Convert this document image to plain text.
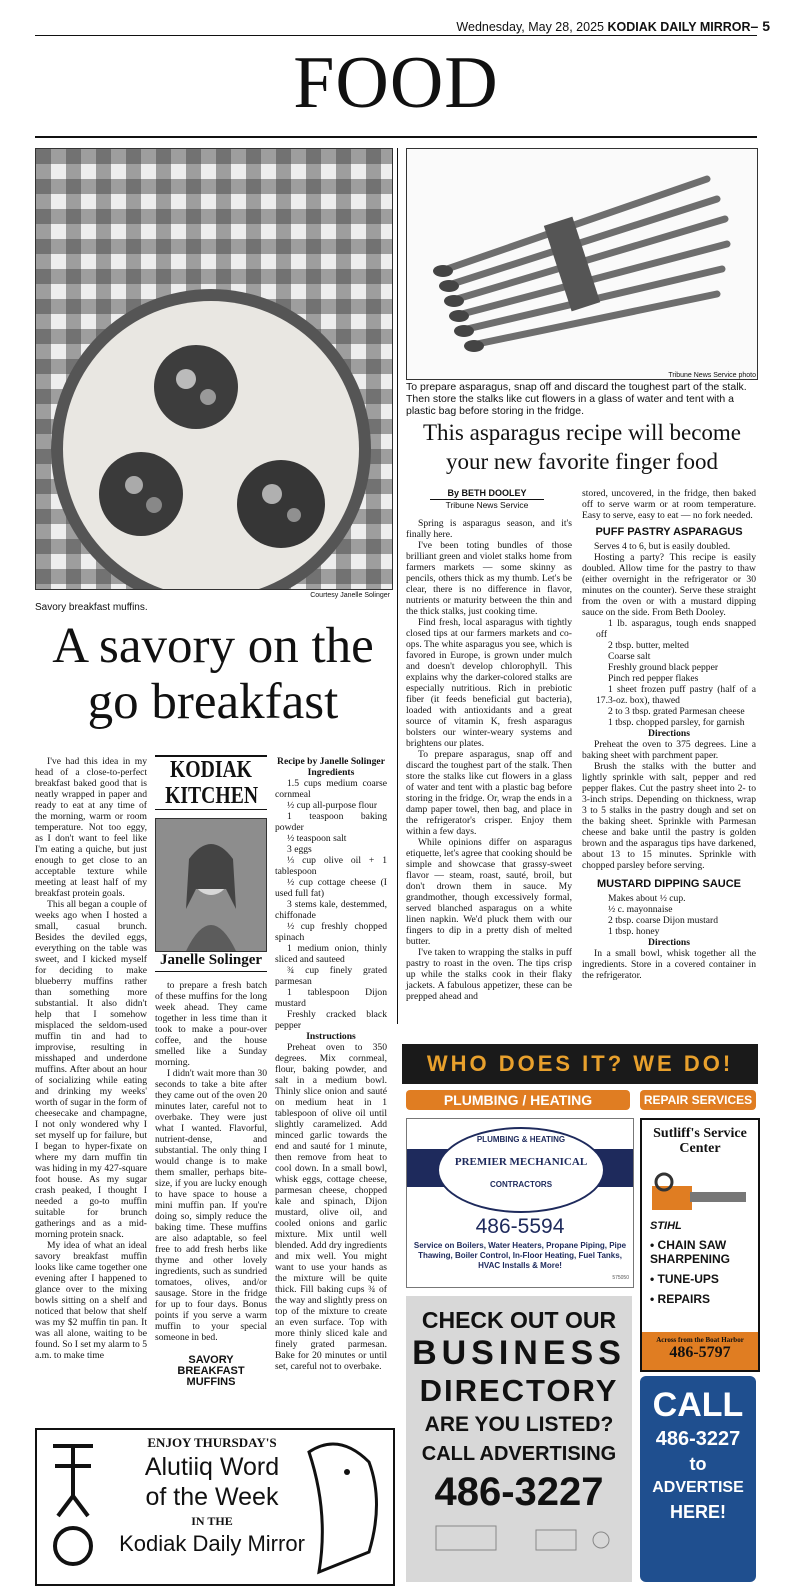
Wednesday, May 28, 2025 KODIAK DAILY MIRROR– 5
FOOD
Courtesy Janelle Solinger
Savory breakfast muffins.
A savory on the go breakfast

I've had this idea in my head of a close-to-perfect breakfast baked good that is neatly wrapped in paper and ready to eat at any time of the morning, warm or room temperature. Not too eggy, as I don't want to feel like I'm eating a quiche, but just enough to get close to an acceptable texture while meeting at least half of my breakfast protein goals.

This all began a couple of weeks ago when I hosted a small, casual brunch. Besides the deviled eggs, everything on the table was sweet, and I kicked myself for deciding to make blueberry muffins rather than something more substantial. It also didn't help that I somehow misplaced the seldom-used muffin tin and had to improvise, resulting in misshaped and underdone muffins. After about an hour of socializing while eating and drinking my weeks' worth of sugar in the form of cheesecake and champagne, I not only wondered why I set myself up for failure, but I began to hyper-fixate on where my darn muffin tin was hiding in my 427-square foot house. As my sugar crash peaked, I thought I needed a go-to muffin suitable for brunch gatherings and as a mid-morning protein snack.

My idea of what an ideal savory breakfast muffin looks like came together one evening after I happened to glance over to the mixing bowls sitting on a shelf and noticed that below that shelf was my $2 muffin tin pan. It was all alone, waiting to be found. So I set my alarm to 5 a.m. to make time

KODIAK
KITCHEN
Janelle Solinger

to prepare a fresh batch of these muffins for the long week ahead. They came together in less time than it took to make a pour-over coffee, and the house smelled like a Sunday morning.

I didn't wait more than 30 seconds to take a bite after they came out of the oven 20 minutes later, careful not to overbake. They were just what I wanted. Flavorful, nutrient-dense, and substantial. The only thing I would change is to make them smaller, perhaps bite-size, if you are lucky enough to have space to house a mini muffin pan. If you're doing so, simply reduce the baking time. These muffins are also adaptable, so feel free to add fresh herbs like thyme and other lovely ingredients, such as sundried tomatoes, olives, and/or sausage. Store in the fridge for up to four days. Bonus points if you serve a warm muffin to your special someone in bed.

SAVORY BREAKFAST MUFFINS
Recipe by Janelle Solinger
Ingredients

1.5 cups medium coarse cornmeal

½ cup all-purpose flour

1 teaspoon baking powder

½ teaspoon salt

3 eggs

⅓ cup olive oil + 1 tablespoon

½ cup cottage cheese (I used full fat)

3 stems kale, destemmed, chiffonade

½ cup freshly chopped spinach

1 medium onion, thinly sliced and sauteed

¾ cup finely grated parmesan

1 tablespoon Dijon mustard

Freshly cracked black pepper

Instructions

Preheat oven to 350 degrees. Mix cornmeal, flour, baking powder, and salt in a medium bowl. Thinly slice onion and sauté on medium heat in 1 tablespoon of olive oil until slightly caramelized. Add minced garlic towards the end and sauté for 1 minute, then remove from heat to cool down. In a small bowl, whisk eggs, cottage cheese, parmesan cheese, chopped kale and spinach, Dijon mustard, olive oil, and cooled onions and garlic mixture. Mix until well blended. Add dry ingredients and mix well. You might want to use your hands as the mixture will be quite thick. Fill baking cups ¾ of the way and slightly press on top of the mixture to create an even surface. Top with more thinly sliced kale and finely grated parmesan. Bake for 20 minutes or until set, careful not to overbake.

Tribune News Service photo
To prepare asparagus, snap off and discard the toughest part of the stalk. Then store the stalks like cut flowers in a glass of water and tent with a plastic bag before storing in the fridge.
This asparagus recipe will become your new favorite finger food
By BETH DOOLEY
Tribune News Service

Spring is asparagus season, and it's finally here.

I've been toting bundles of those brilliant green and violet stalks home from farmers markets — some skinny as pencils, others thick as my thumb. Let's be clear, there is no difference in flavor, nutrients or maturity between the thin and the thick stalks, just cooking time.

Find fresh, local asparagus with tightly closed tips at our farmers markets and co-ops. The white asparagus you see, which is favored in Europe, is grown under mulch and doesn't develop chlorophyll. This explains why the darker-colored stalks are especially nutritious. Rich in prebiotic fiber (it feeds beneficial gut bacteria), loaded with antioxidants and a great source of vitamin K, fresh asparagus bolsters our winter-weary systems and brightens our plates.

To prepare asparagus, snap off and discard the toughest part of the stalk. Then store the stalks like cut flowers in a glass of water and tent with a plastic bag before storing in the fridge. Or, wrap the ends in a damp paper towel, then bag, and place in the refrigerator's crisper. Enjoy them within a few days.

While opinions differ on asparagus etiquette, let's agree that cooking should be simple and showcase that grassy-sweet flavor — steam, roast, sauté, broil, but don't drown them in sauce. My grandmother, though excessively formal, served blanched asparagus on a white linen napkin. We'd pluck them with our fingers to dip in a pretty dish of melted butter.

I've taken to wrapping the stalks in puff pastry to roast in the oven. The tips crisp up while the stalks cook in their flaky jackets. A fabulous appetizer, these can be prepped ahead and

stored, uncovered, in the fridge, then baked off to serve warm or at room temperature. Easy to serve, easy to eat — no fork needed.

PUFF PASTRY ASPARAGUS

Serves 4 to 6, but is easily doubled.

Hosting a party? This recipe is easily doubled. Allow time for the pastry to thaw (either overnight in the refrigerator or 30 minutes on the counter). Serve these straight from the oven or with a mustard dipping sauce on the side. From Beth Dooley.

1 lb. asparagus, tough ends snapped off

2 tbsp. butter, melted

Coarse salt

Freshly ground black pepper

Pinch red pepper flakes

1 sheet frozen puff pastry (half of a 17.3-oz. box), thawed

2 to 3 tbsp. grated Parmesan cheese

1 tbsp. chopped parsley, for garnish

Directions

Preheat the oven to 375 degrees. Line a baking sheet with parchment paper.

Brush the stalks with the butter and lightly sprinkle with salt, pepper and red pepper flakes. Cut the pastry sheet into 2- to 3-inch strips. Depending on thickness, wrap 3 to 5 stalks in the pastry dough and set on the baking sheet. Sprinkle with Parmesan cheese and bake until the pastry is golden brown and the asparagus tips have darkened, about 13 to 15 minutes. Sprinkle with chopped parsley before serving.

MUSTARD DIPPING SAUCE

Makes about ½ cup.

½ c. mayonnaise

2 tbsp. coarse Dijon mustard

1 tbsp. honey

Directions

In a small bowl, whisk together all the ingredients. Store in a covered container in the refrigerator.

WHO DOES IT? WE DO!
PLUMBING / HEATING	REPAIR SERVICES
PLUMBING & HEATING
PREMIER MECHANICAL
CONTRACTORS
486-5594
Service on Boilers, Water Heaters, Propane Piping, Pipe Thawing, Boiler Control, In-Floor Heating, Fuel Tanks, HVAC Installs & More!
575050
Sutliff's Service Center
STIHL
• CHAIN SAW SHARPENING
• TUNE-UPS
• REPAIRS
Across from the Boat Harbor
486-5797
CHECK OUT OUR
BUSINESS
DIRECTORY
ARE YOU LISTED?
CALL ADVERTISING
486-3227
CALL
486-3227
to
ADVERTISE
HERE!
ENJOY THURSDAY'S
Alutiiq Word
of the Week
IN THE
Kodiak Daily Mirror
